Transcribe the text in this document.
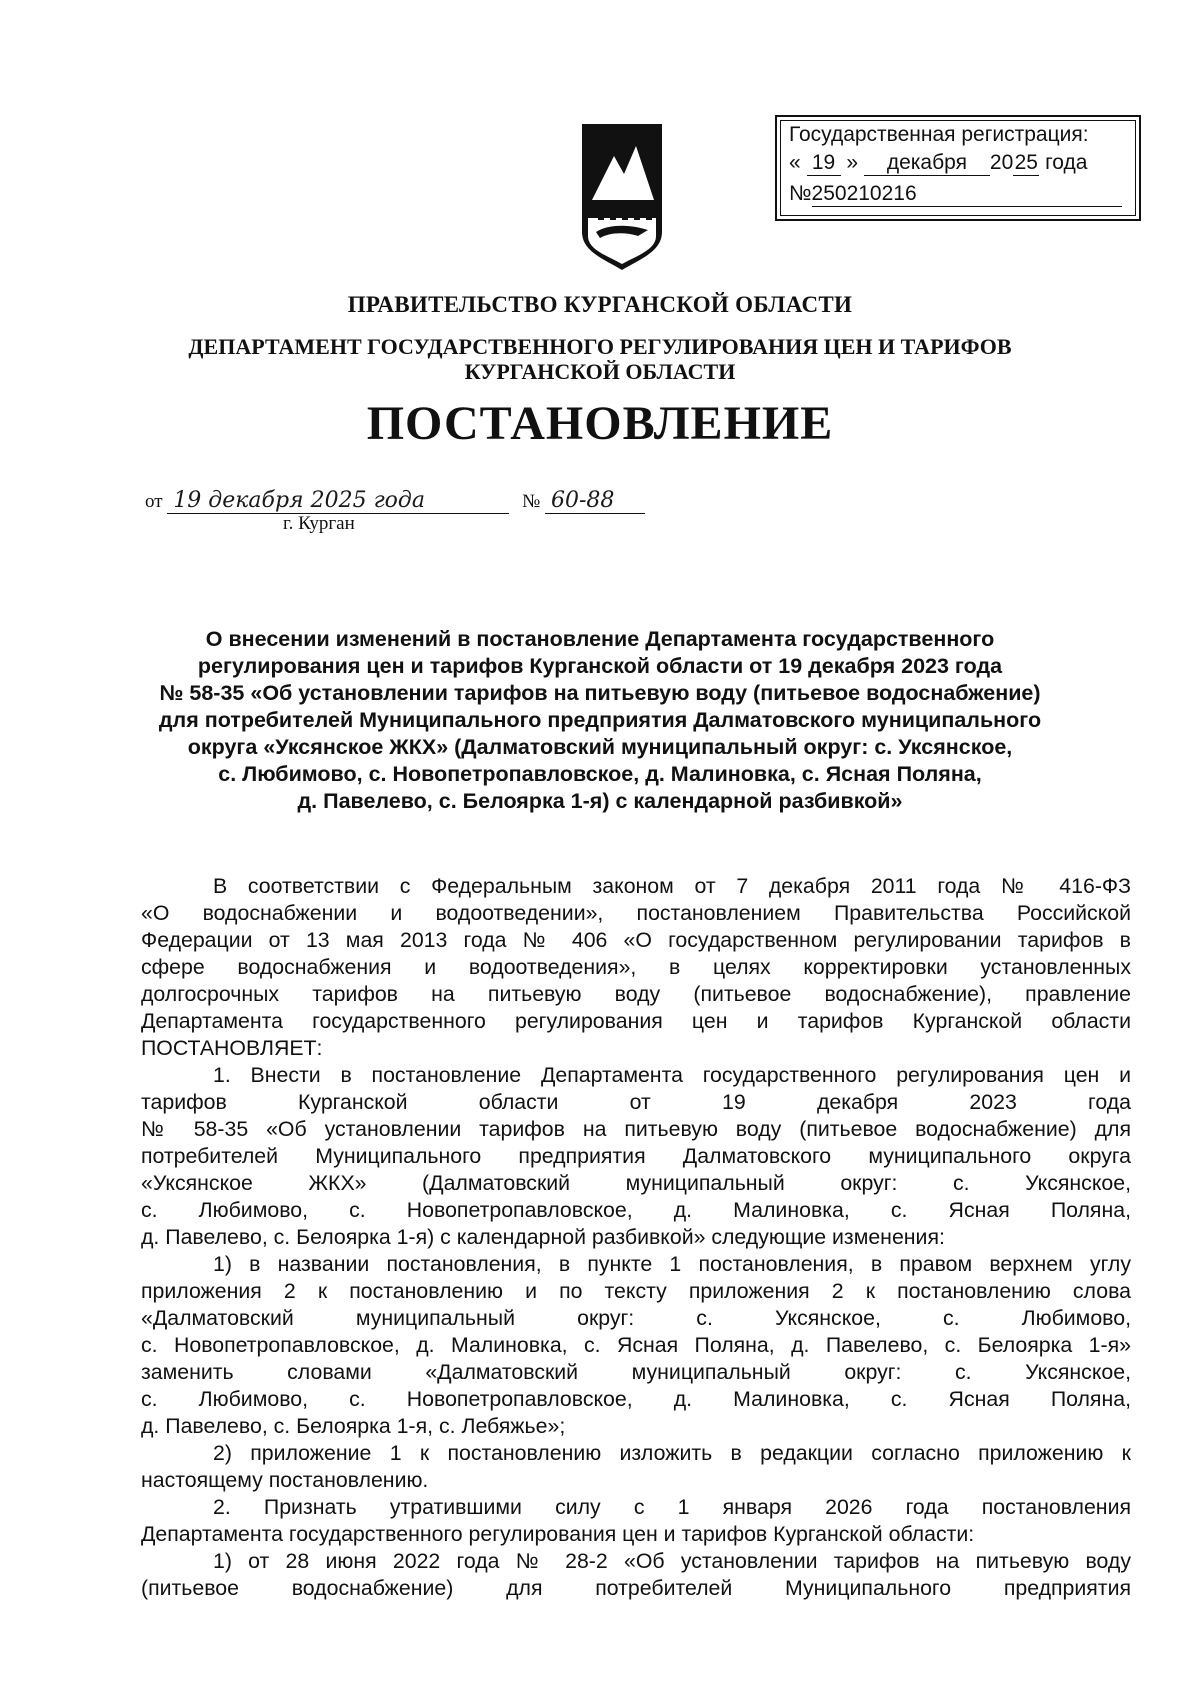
Государственная регистрация:
« 19 » декабря 2025 года
№250210216
ПРАВИТЕЛЬСТВО КУРГАНСКОЙ ОБЛАСТИ
ДЕПАРТАМЕНТ ГОСУДАРСТВЕННОГО РЕГУЛИРОВАНИЯ ЦЕН И ТАРИФОВ
КУРГАНСКОЙ ОБЛАСТИ
ПОСТАНОВЛЕНИЕ
от 19 декабря 2025 года	№ 60-88
г. Курган
О внесении изменений в постановление Департамента государственного
регулирования цен и тарифов Курганской области от 19 декабря 2023 года
№ 58-35 «Об установлении тарифов на питьевую воду (питьевое водоснабжение)
для потребителей Муниципального предприятия Далматовского муниципального
округа «Уксянское ЖКХ» (Далматовский муниципальный округ: с. Уксянское,
с. Любимово, с. Новопетропавловское, д. Малиновка, с. Ясная Поляна,
д. Павелево, с. Белоярка 1-я) с календарной разбивкой»

В соответствии с Федеральным законом от 7 декабря 2011 года № 416-ФЗ
«О водоснабжении и водоотведении», постановлением Правительства Российской
Федерации от 13 мая 2013 года № 406 «О государственном регулировании тарифов в
сфере водоснабжения и водоотведения», в целях корректировки установленных
долгосрочных тарифов на питьевую воду (питьевое водоснабжение), правление
Департамента государственного регулирования цен и тарифов Курганской области
ПОСТАНОВЛЯЕТ:

1. Внести в постановление Департамента государственного регулирования цен и
тарифов Курганской области от 19 декабря 2023 года
№ 58-35 «Об установлении тарифов на питьевую воду (питьевое водоснабжение) для
потребителей Муниципального предприятия Далматовского муниципального округа
«Уксянское ЖКХ» (Далматовский муниципальный округ: с. Уксянское,
с. Любимово, с. Новопетропавловское, д. Малиновка, с. Ясная Поляна,
д. Павелево, с. Белоярка 1-я) с календарной разбивкой» следующие изменения:

1) в названии постановления, в пункте 1 постановления, в правом верхнем углу
приложения 2 к постановлению и по тексту приложения 2 к постановлению слова
«Далматовский муниципальный округ: с. Уксянское, с. Любимово,
с. Новопетропавловское, д. Малиновка, с. Ясная Поляна, д. Павелево, с. Белоярка 1-я»
заменить словами «Далматовский муниципальный округ: с. Уксянское,
с. Любимово, с. Новопетропавловское, д. Малиновка, с. Ясная Поляна,
д. Павелево, с. Белоярка 1-я, с. Лебяжье»;

2) приложение 1 к постановлению изложить в редакции согласно приложению к
настоящему постановлению.

2. Признать утратившими силу с 1 января 2026 года постановления
Департамента государственного регулирования цен и тарифов Курганской области:

1) от 28 июня 2022 года № 28-2 «Об установлении тарифов на питьевую воду
(питьевое водоснабжение) для потребителей Муниципального предприятия
